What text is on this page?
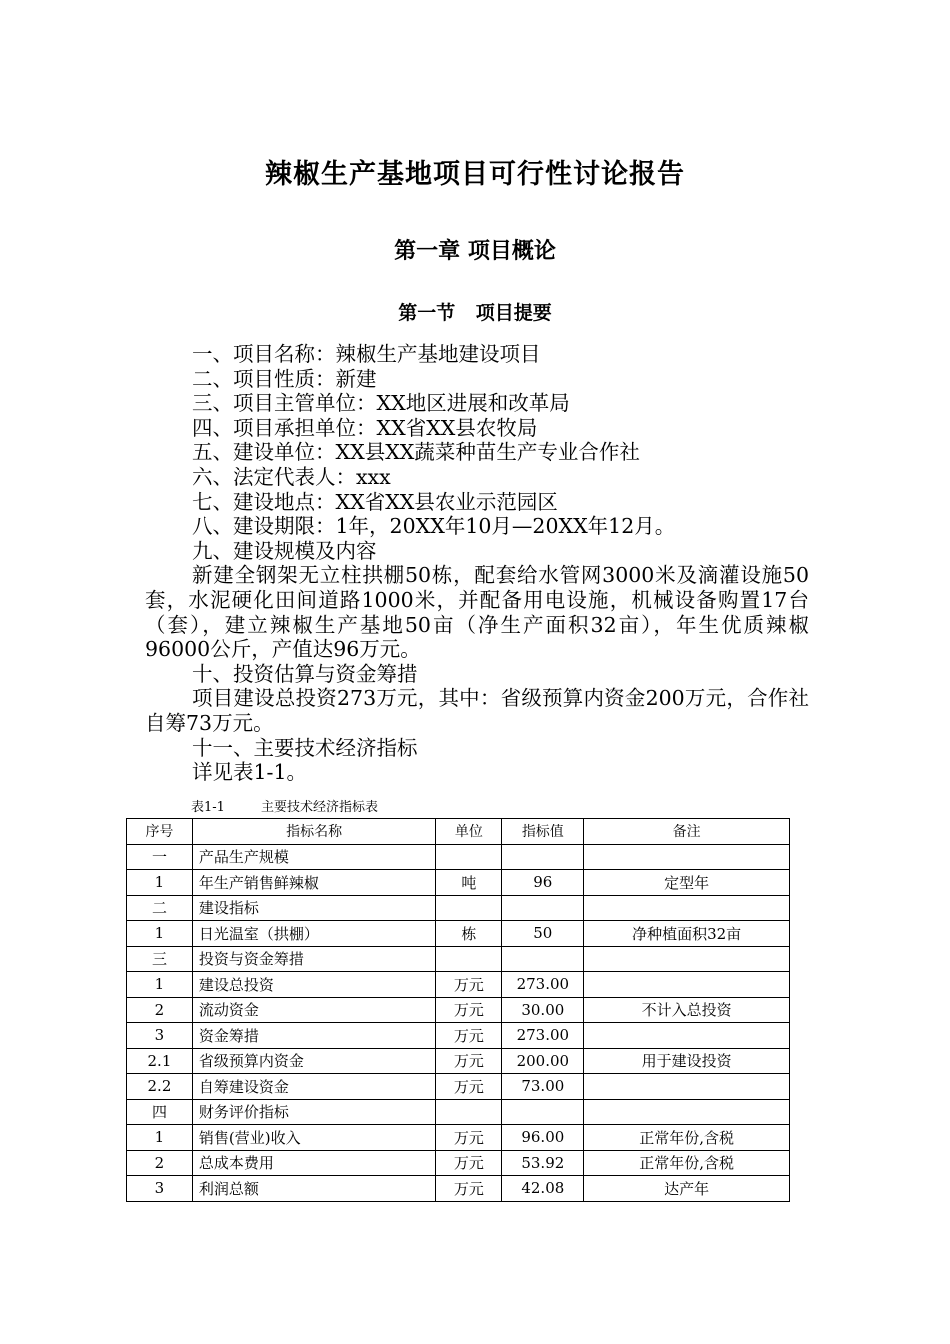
辣椒生产基地项目可行性讨论报告
第一章 项目概论
第一节 项目提要

一、项目名称：辣椒生产基地建设项目

二、项目性质：新建

三、项目主管单位：XX地区进展和改革局

四、项目承担单位：XX省XX县农牧局

五、建设单位：XX县XX蔬菜种苗生产专业合作社

六、法定代表人：xxx

七、建设地点：XX省XX县农业示范园区

八、建设期限：1年，20XX年10月—20XX年12月。

九、建设规模及内容

新建全钢架无立柱拱棚50栋，配套给水管网3000米及滴灌设施50套，水泥硬化田间道路1000米，并配备用电设施，机械设备购置17台（套），建立辣椒生产基地50亩（净生产面积32亩），年生优质辣椒96000公斤，产值达96万元。

十、投资估算与资金筹措

项目建设总投资273万元，其中：省级预算内资金200万元，合作社自筹73万元。

十一、主要技术经济指标

详见表1-1。

表1-1	主要技术经济指标表
序号	指标名称	单位	指标值	备注
一	产品生产规模			
1	年生产销售鲜辣椒	吨	96	定型年
二	建设指标			
1	日光温室（拱棚）	栋	50	净种植面积32亩
三	投资与资金筹措			
1	建设总投资	万元	273.00	
2	流动资金	万元	30.00	不计入总投资
3	资金筹措	万元	273.00	
2.1	省级预算内资金	万元	200.00	用于建设投资
2.2	自筹建设资金	万元	73.00	
四	财务评价指标			
1	销售(营业)收入	万元	96.00	正常年份,含税
2	总成本费用	万元	53.92	正常年份,含税
3	利润总额	万元	42.08	达产年
